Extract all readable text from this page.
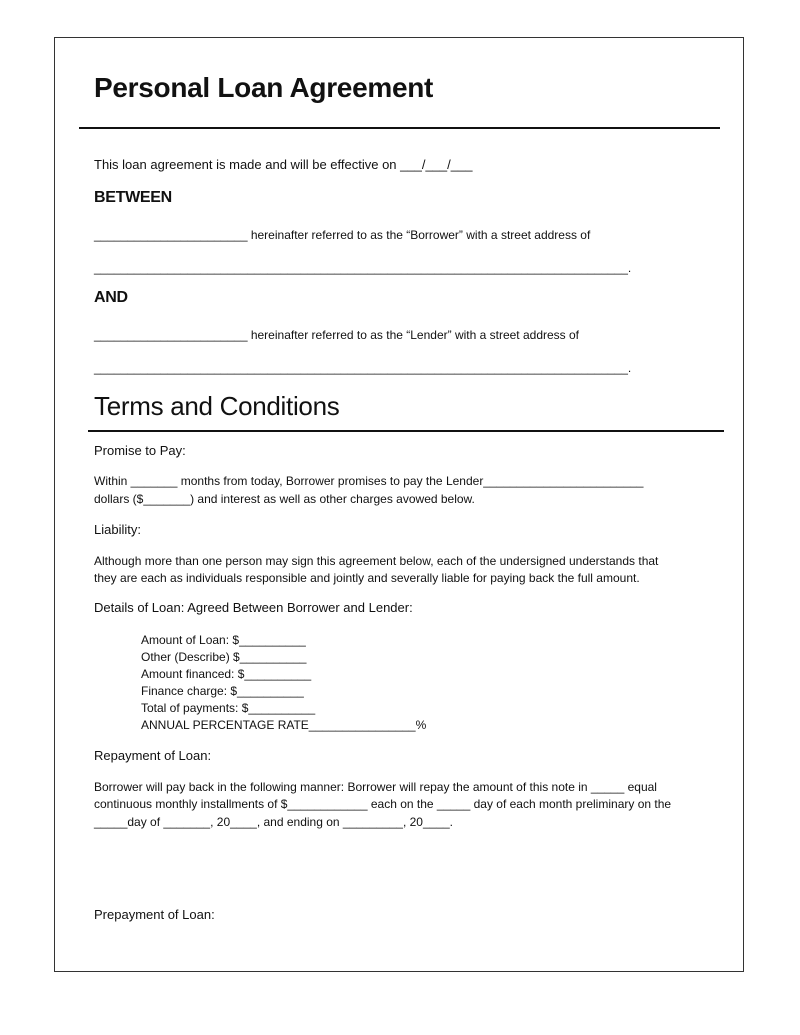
Personal Loan Agreement
This loan agreement is made and will be effective on ___/___/___
BETWEEN
_______________________ hereinafter referred to as the “Borrower” with a street address of
________________________________________________________________________________.
AND
_______________________ hereinafter referred to as the “Lender” with a street address of
________________________________________________________________________________.
Terms and Conditions
Promise to Pay:
Within _______ months from today, Borrower promises to pay the Lender________________________
dollars ($_______) and interest as well as other charges avowed below.
Liability:
Although more than one person may sign this agreement below, each of the undersigned understands that
they are each as individuals responsible and jointly and severally liable for paying back the full amount.
Details of Loan: Agreed Between Borrower and Lender:
Amount of Loan: $__________
Other (Describe) $__________
Amount financed: $__________
Finance charge: $__________
Total of payments: $__________
ANNUAL PERCENTAGE RATE________________%
Repayment of Loan:
Borrower will pay back in the following manner: Borrower will repay the amount of this note in _____ equal
continuous monthly installments of $____________ each on the _____ day of each month preliminary on the
_____day of _______, 20____, and ending on _________, 20____.
Prepayment of Loan:
